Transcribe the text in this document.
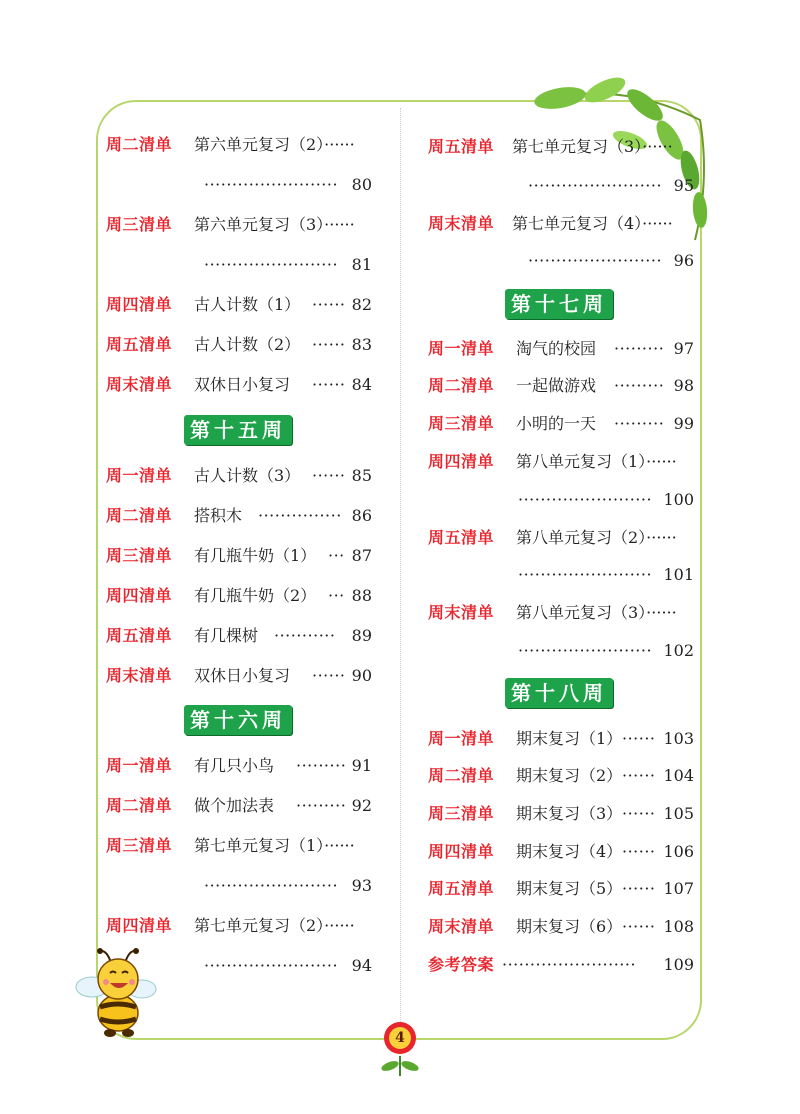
周二清单 第六单元复习（2）······
························ 80
周三清单 第六单元复习（3）······
························ 81
周四清单 古人计数（1） ······ 82
周五清单 古人计数（2） ······ 83
周末清单 双休日小复习 ······ 84
第十五周
周一清单 古人计数（3） ······ 85
周二清单 搭积木 ··············· 86
周三清单 有几瓶牛奶（1） ··· 87
周四清单 有几瓶牛奶（2） ··· 88
周五清单 有几棵树 ···········	89
周末清单 双休日小复习 ······ 90
第十六周
周一清单 有几只小鸟 ········· 91
周二清单 做个加法表 ········· 92
周三清单 第七单元复习（1）······
························ 93
周四清单 第七单元复习（2）······
························ 94
周五清单 第七单元复习（3）······
························ 95
周末清单 第七单元复习（4）······
························ 96
第十七周
周一清单 淘气的校园 ········· 97
周二清单 一起做游戏 ········· 98
周三清单 小明的一天 ········· 99
周四清单 第八单元复习（1）······
························ 100
周五清单 第八单元复习（2）······
························ 101
周末清单 第八单元复习（3）······
························ 102
第十八周
周一清单 期末复习（1） ······ 103
周二清单 期末复习（2） ······ 104
周三清单 期末复习（3） ······ 105
周四清单 期末复习（4） ······ 106
周五清单 期末复习（5） ······ 107
周末清单 期末复习（6） ······ 108
参考答案 ························	109
4
